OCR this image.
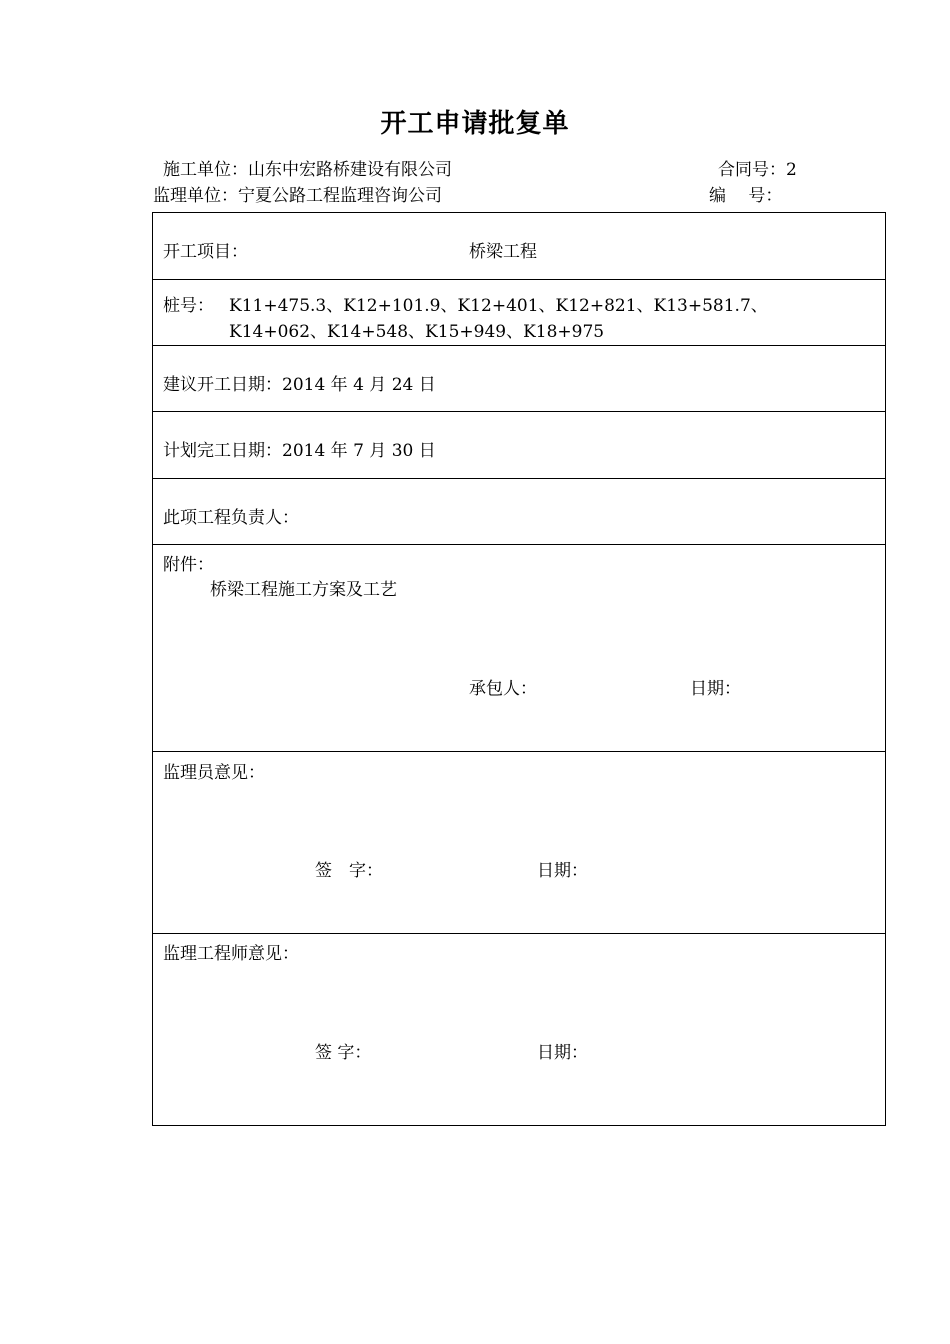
开工申请批复单
施工单位：山东中宏路桥建设有限公司	合同号：2
监理单位：宁夏公路工程监理咨询公司	编　 号：
开工项目：	桥梁工程
桩号： K11+475.3、K12+101.9、K12+401、K12+821、K13+581.7、
K14+062、K14+548、K15+949、K18+975
建议开工日期：2014 年 4 月 24 日
计划完工日期：2014 年 7 月 30 日
此项工程负责人：
附件：
桥梁工程施工方案及工艺
承包人：	日期：
监理员意见：
签　字：	日期：
监理工程师意见：
签 字：	日期：
